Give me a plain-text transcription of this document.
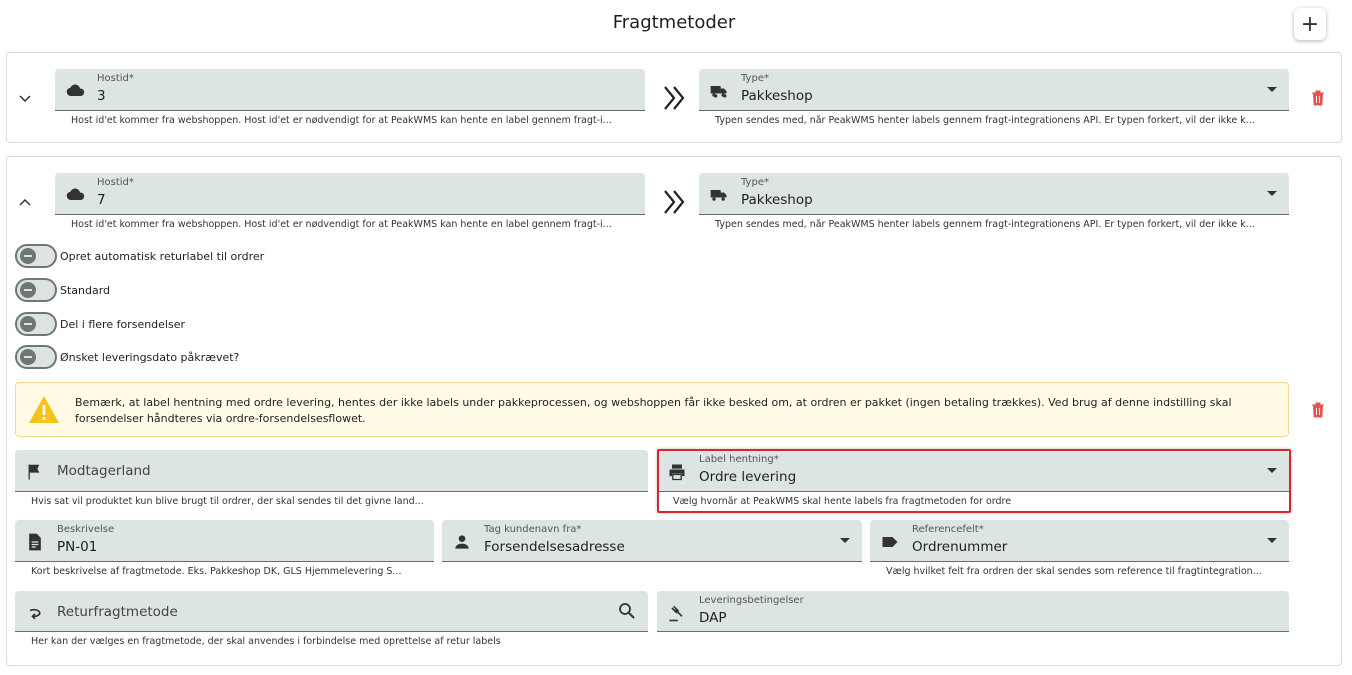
Fragtmetoder	+
Hostid*
3
Host id'et kommer fra webshoppen. Host id'et er nødvendigt for at PeakWMS kan hente en label gennem fragt-i...
Type*
Pakkeshop
Typen sendes med, når PeakWMS henter labels gennem fragt-integrationens API. Er typen forkert, vil der ikke k...
Hostid*
7
Host id'et kommer fra webshoppen. Host id'et er nødvendigt for at PeakWMS kan hente en label gennem fragt-i...
Type*
Pakkeshop
Typen sendes med, når PeakWMS henter labels gennem fragt-integrationens API. Er typen forkert, vil der ikke k...
Opret automatisk returlabel til ordrer
Standard
Del i flere forsendelser
Ønsket leveringsdato påkrævet?
Bemærk, at label hentning med ordre levering, hentes der ikke labels under pakkeprocessen, og webshoppen får ikke besked om, at ordren er pakket (ingen betaling trækkes). Ved brug af denne indstilling skal forsendelser håndteres via ordre-forsendelsesflowet.
Modtagerland
Hvis sat vil produktet kun blive brugt til ordrer, der skal sendes til det givne land...
Label hentning*
Ordre levering
Vælg hvornår at PeakWMS skal hente labels fra fragtmetoden for ordre
Beskrivelse
PN-01
Kort beskrivelse af fragtmetode. Eks. Pakkeshop DK, GLS Hjemmelevering S...
Tag kundenavn fra*
Forsendelsesadresse
Referencefelt*
Ordrenummer
Vælg hvilket felt fra ordren der skal sendes som reference til fragtintegration...
Returfragtmetode
Her kan der vælges en fragtmetode, der skal anvendes i forbindelse med oprettelse af retur labels
Leveringsbetingelser
DAP
